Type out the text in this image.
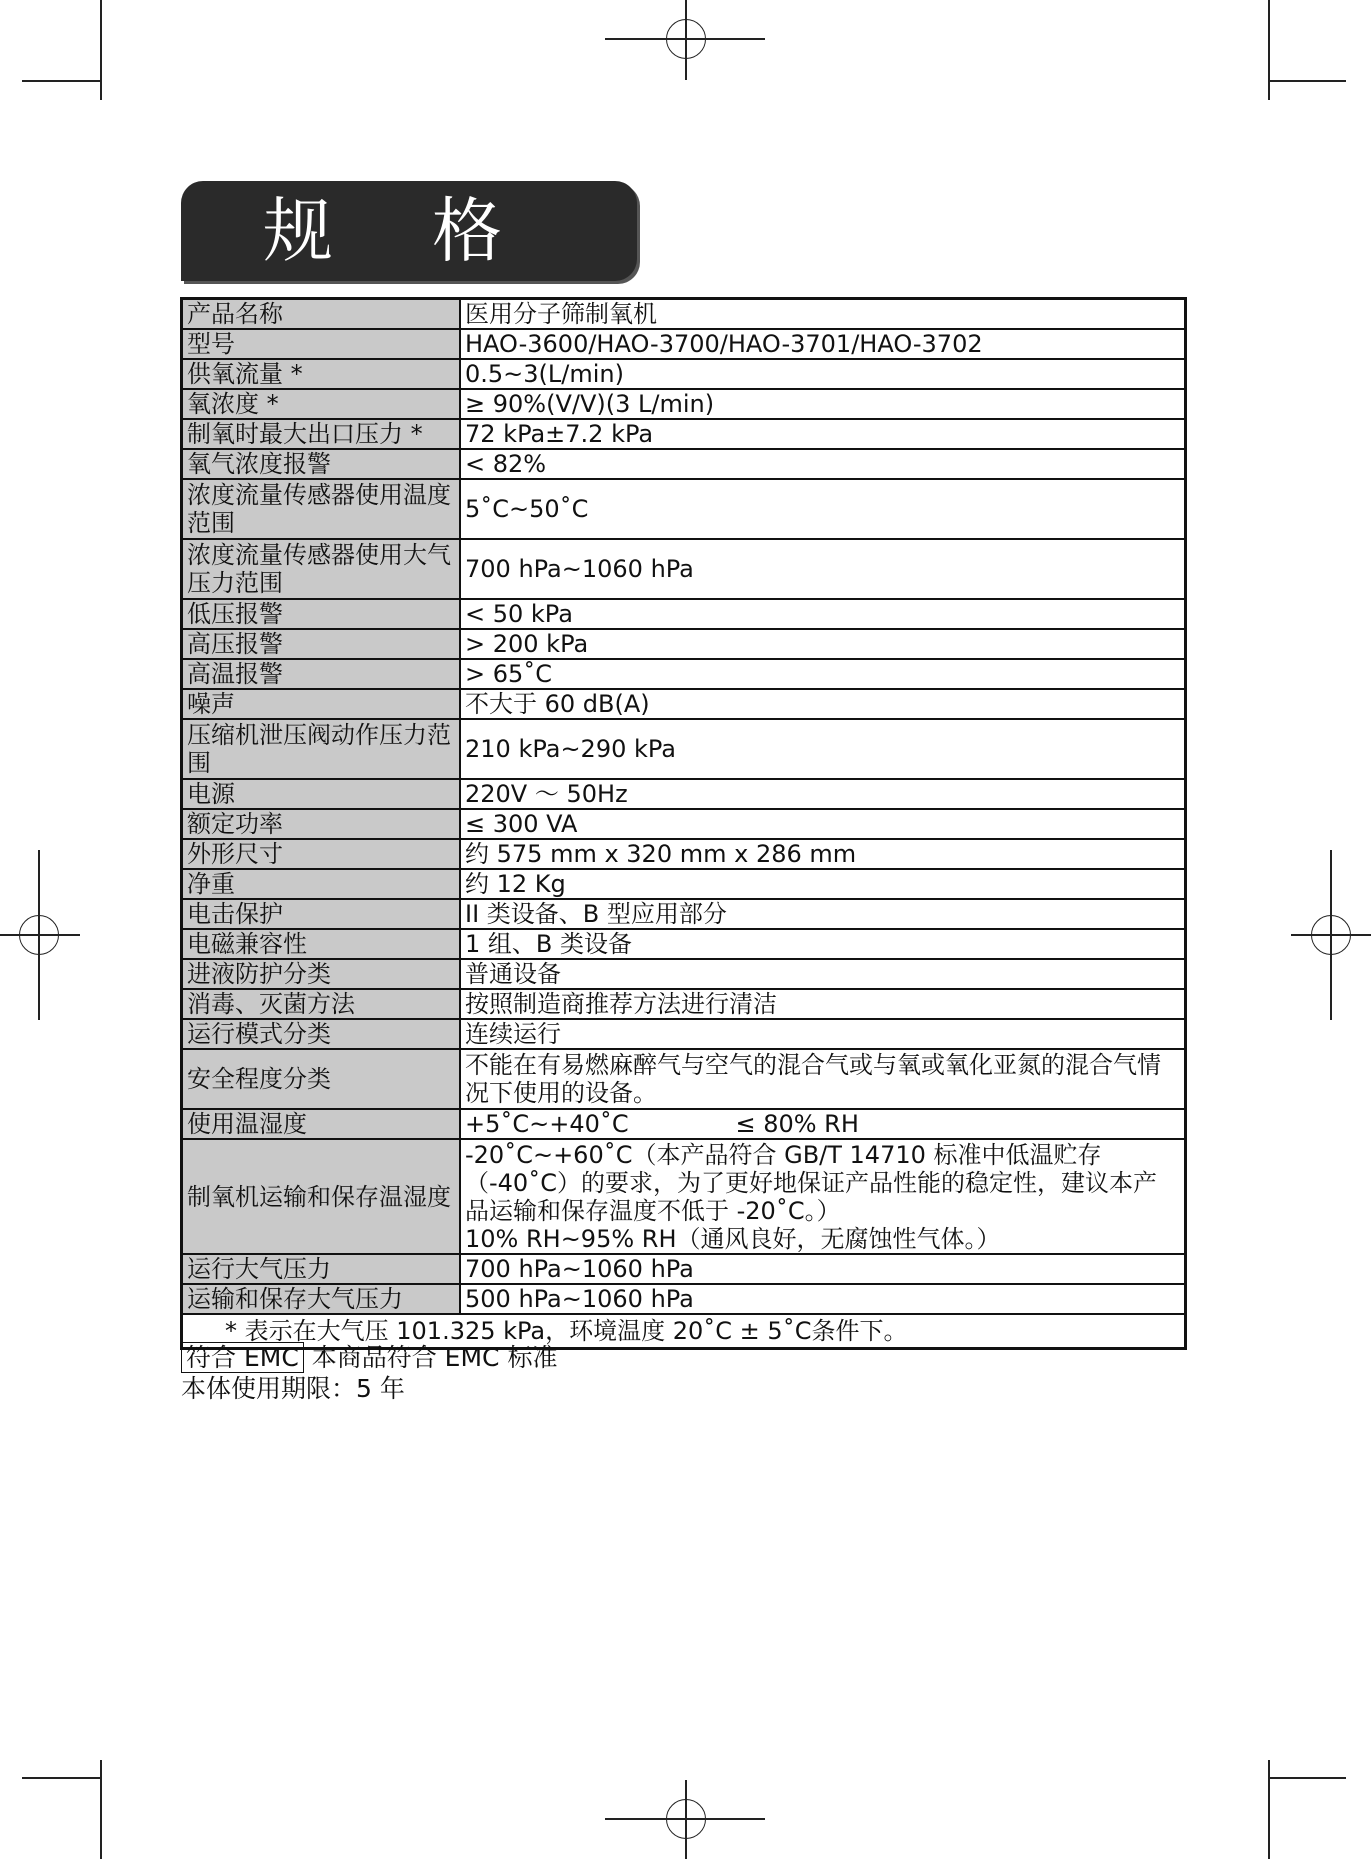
规    格
产品名称	医用分子筛制氧机
型号	HAO-3600/HAO-3700/HAO-3701/HAO-3702
供氧流量 *	0.5~3(L/min)
氧浓度 *	≥ 90%(V/V)(3 L/min)
制氧时最大出口压力 *	72 kPa±7.2 kPa
氧气浓度报警	< 82%
浓度流量传感器使用温度范围	5˚C~50˚C
浓度流量传感器使用大气压力范围	700 hPa~1060 hPa
低压报警	< 50 kPa
高压报警	> 200 kPa
高温报警	> 65˚C
噪声	不大于 60 dB(A)
压缩机泄压阀动作压力范围	210 kPa~290 kPa
电源	220V ～ 50Hz
额定功率	≤ 300 VA
外形尺寸	约 575 mm x 320 mm x 286 mm
净重	约 12 Kg
电击保护	II 类设备、B 型应用部分
电磁兼容性	1 组、B 类设备
进液防护分类	普通设备
消毒、灭菌方法	按照制造商推荐方法进行清洁
运行模式分类	连续运行
安全程度分类	不能在有易燃麻醉气与空气的混合气或与氧或氧化亚氮的混合气情况下使用的设备。
使用温湿度	+5˚C~+40˚C              ≤ 80% RH
制氧机运输和保存温湿度	-20˚C~+60˚C（本产品符合 GB/T 14710 标准中低温贮存（-40˚C）的要求，为了更好地保证产品性能的稳定性，建议本产品运输和保存温度不低于 -20˚C。）
10% RH~95% RH（通风良好，无腐蚀性气体。）

运行大气压力	700 hPa~1060 hPa
运输和保存大气压力	500 hPa~1060 hPa
* 表示在大气压 101.325 kPa，环境温度 20˚C ± 5˚C条件下。	
符合 EMC 本商品符合 EMC 标准
本体使用期限：5 年
